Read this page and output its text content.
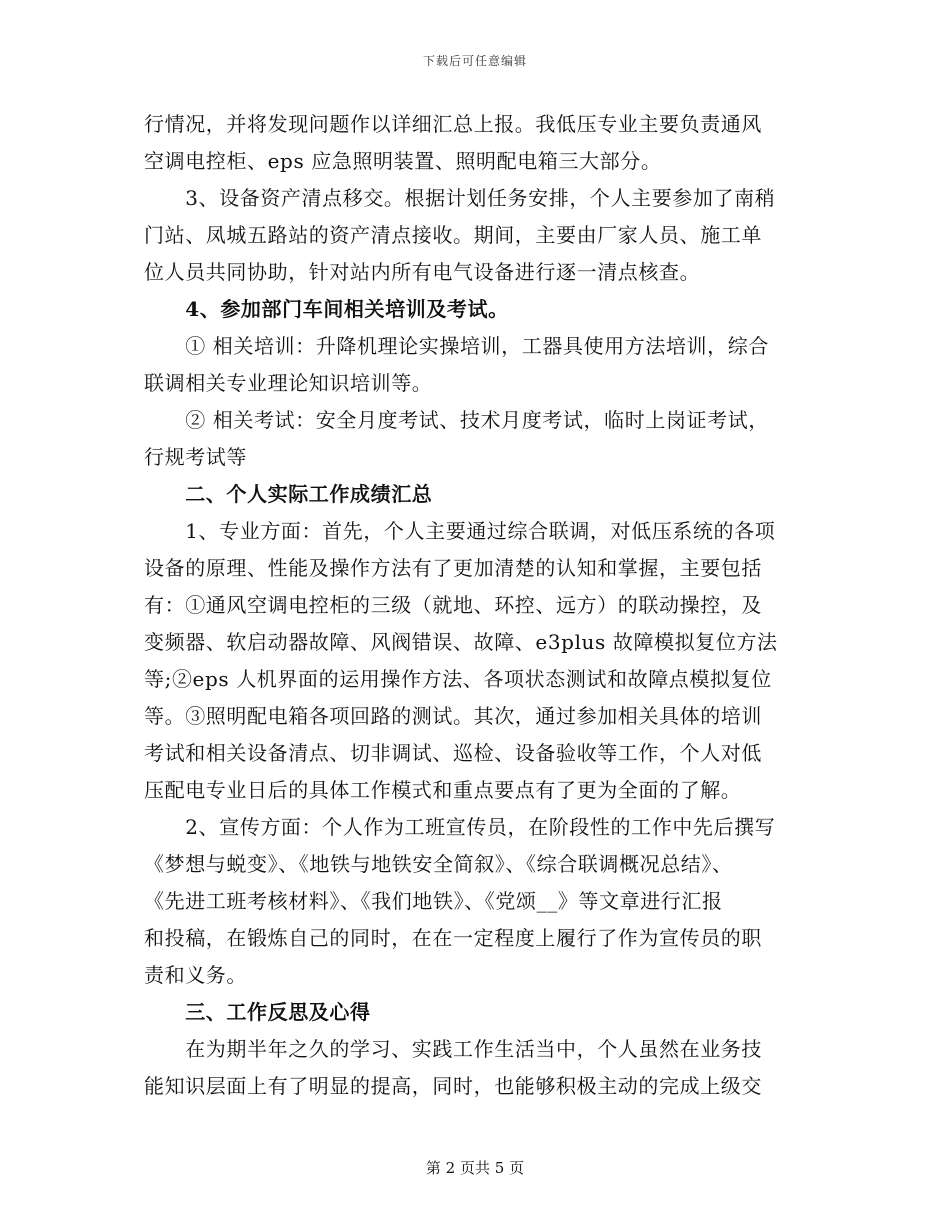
下载后可任意编辑

行情况，并将发现问题作以详细汇总上报。我低压专业主要负责通风
空调电控柜、eps 应急照明装置、照明配电箱三大部分。

　　3、设备资产清点移交。根据计划任务安排，个人主要参加了南稍
门站、凤城五路站的资产清点接收。期间，主要由厂家人员、施工单
位人员共同协助，针对站内所有电气设备进行逐一清点核查。

　　4、参加部门车间相关培训及考试。

　　① 相关培训：升降机理论实操培训，工器具使用方法培训，综合
联调相关专业理论知识培训等。

　　② 相关考试：安全月度考试、技术月度考试，临时上岗证考试，
行规考试等

　　二、个人实际工作成绩汇总

　　1、专业方面：首先，个人主要通过综合联调，对低压系统的各项
设备的原理、性能及操作方法有了更加清楚的认知和掌握，主要包括
有：①通风空调电控柜的三级（就地、环控、远方）的联动操控，及
变频器、软启动器故障、风阀错误、故障、e3plus 故障模拟复位方法
等;②eps 人机界面的运用操作方法、各项状态测试和故障点模拟复位
等。③照明配电箱各项回路的测试。其次，通过参加相关具体的培训
考试和相关设备清点、切非调试、巡检、设备验收等工作，个人对低
压配电专业日后的具体工作模式和重点要点有了更为全面的了解。

　　2、宣传方面：个人作为工班宣传员，在阶段性的工作中先后撰写
《梦想与蜕变》、《地铁与地铁安全简叙》、《综合联调概况总结》、
《先进工班考核材料》、《我们地铁》、《党颂__》等文章进行汇报
和投稿，在锻炼自己的同时，在在一定程度上履行了作为宣传员的职
责和义务。

　　三、工作反思及心得

　　在为期半年之久的学习、实践工作生活当中，个人虽然在业务技
能知识层面上有了明显的提高，同时，也能够积极主动的完成上级交

第 2 页共 5 页
